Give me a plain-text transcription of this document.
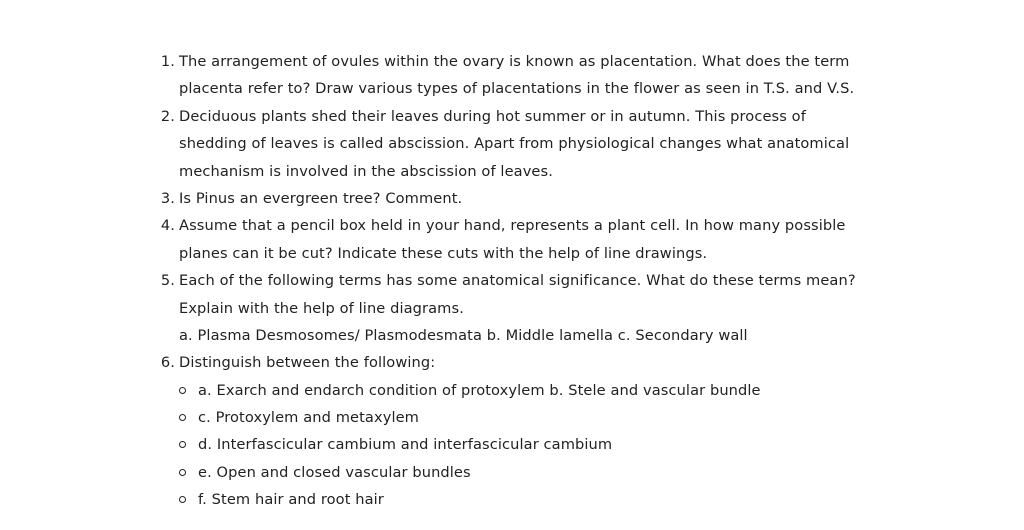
1. The arrangement of ovules within the ovary is known as placentation. What does the term
placenta refer to? Draw various types of placentations in the flower as seen in T.S. and V.S.
2. Deciduous plants shed their leaves during hot summer or in autumn. This process of
shedding of leaves is called abscission. Apart from physiological changes what anatomical
mechanism is involved in the abscission of leaves.
3. Is Pinus an evergreen tree? Comment.
4. Assume that a pencil box held in your hand, represents a plant cell. In how many possible
planes can it be cut? Indicate these cuts with the help of line drawings.
5. Each of the following terms has some anatomical significance. What do these terms mean?
Explain with the help of line diagrams.
a. Plasma Desmosomes/ Plasmodesmata b. Middle lamella c. Secondary wall
6. Distinguish between the following:
a. Exarch and endarch condition of protoxylem b. Stele and vascular bundle
c. Protoxylem and metaxylem
d. Interfascicular cambium and interfascicular cambium
e. Open and closed vascular bundles
f. Stem hair and root hair
